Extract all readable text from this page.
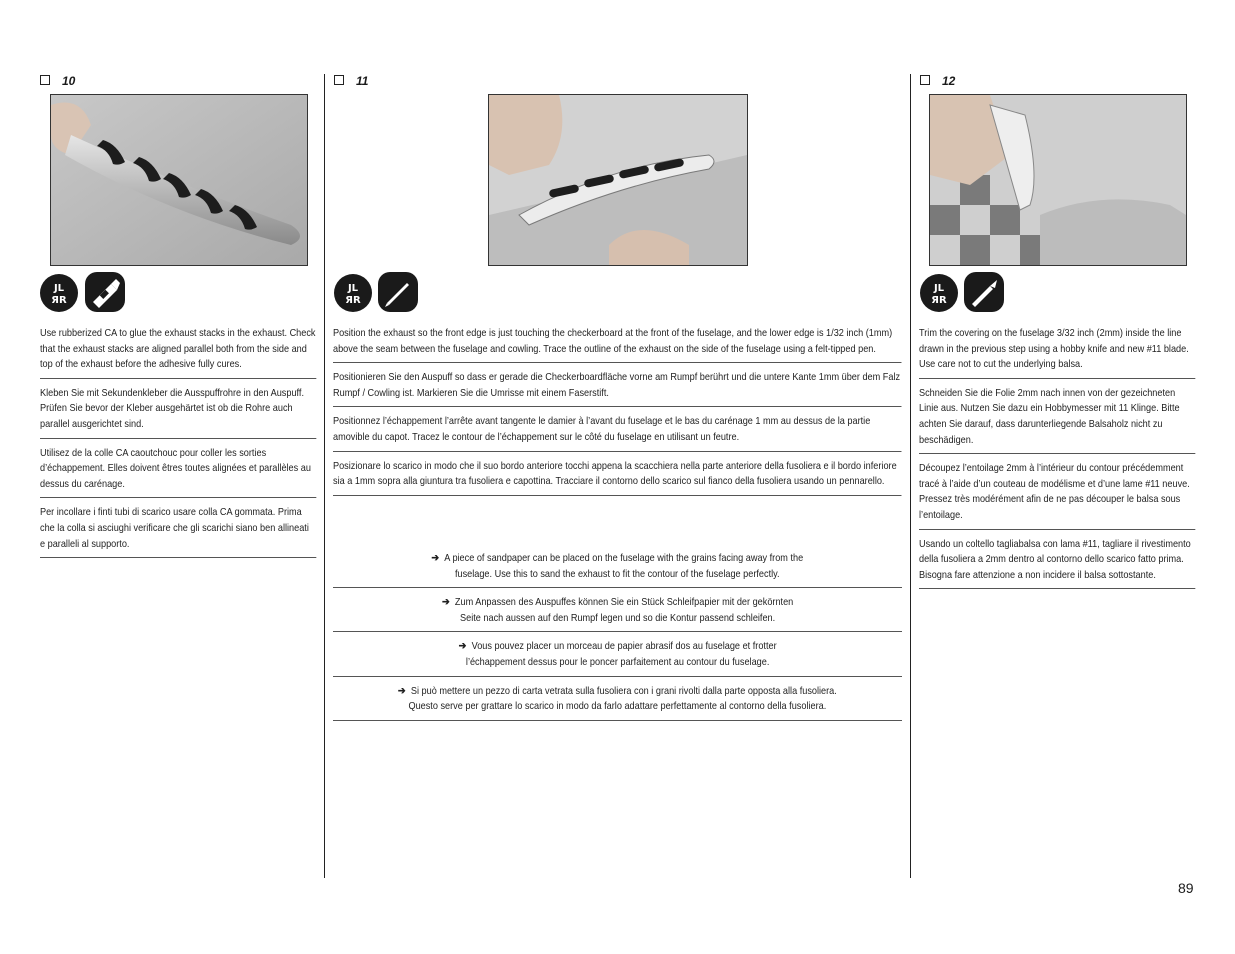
10	11	12
JL
ЯR
JL
ЯR
JL
ЯR
Use rubberized CA to glue the exhaust stacks in the exhaust. Check that the exhaust stacks are aligned parallel both from the side and top of the exhaust before the adhesive fully cures.
Kleben Sie mit Sekundenkleber die Ausspuffrohre in den Auspuff. Prüfen Sie bevor der Kleber ausgehärtet ist ob die Rohre auch parallel ausgerichtet sind.
Utilisez de la colle CA caoutchouc pour coller les sorties d’échappement. Elles doivent êtres toutes alignées et parallèles au dessus du carénage.
Per incollare i finti tubi di scarico usare colla CA gommata. Prima che la colla si asciughi verificare che gli scarichi siano ben allineati e paralleli al supporto.
Position the exhaust so the front edge is just touching the checkerboard at the front of the fuselage, and the lower edge is 1/32 inch (1mm) above the seam between the fuselage and cowling. Trace the outline of the exhaust on the side of the fuselage using a felt-tipped pen.
Positionieren Sie den Auspuff so dass er gerade die Checkerboardfläche vorne am Rumpf berührt und die untere Kante 1mm über dem Falz Rumpf / Cowling ist. Markieren Sie die Umrisse mit einem Faserstift.
Positionnez l’échappement l’arrête avant tangente le damier à l’avant du fuselage et le bas du carénage 1 mm au dessus de la partie amovible du capot. Tracez le contour de l’échappement sur le côté du fuselage en utilisant un feutre.
Posizionare lo scarico in modo che il suo bordo anteriore tocchi appena la scacchiera nella parte anteriore della fusoliera e il bordo inferiore sia a 1mm sopra alla giuntura tra fusoliera e capottina. Tracciare il contorno dello scarico sul fianco della fusoliera usando un pennarello.
➔ A piece of sandpaper can be placed on the fuselage with the grains facing away from the
fuselage. Use this to sand the exhaust to fit the contour of the fuselage perfectly.
➔ Zum Anpassen des Auspuffes können Sie ein Stück Schleifpapier mit der gekörnten
Seite nach aussen auf den Rumpf legen und so die Kontur passend schleifen.
➔ Vous pouvez placer un morceau de papier abrasif dos au fuselage et frotter
l’échappement dessus pour le poncer parfaitement au contour du fuselage.
➔ Si può mettere un pezzo di carta vetrata sulla fusoliera con i grani rivolti dalla parte opposta alla fusoliera.
Questo serve per grattare lo scarico in modo da farlo adattare perfettamente al contorno della fusoliera.
Trim the covering on the fuselage 3/32 inch (2mm) inside the line drawn in the previous step using a hobby knife and new #11 blade. Use care not to cut the underlying balsa.
Schneiden Sie die Folie 2mm nach innen von der gezeichneten Linie aus. Nutzen Sie dazu ein Hobbymesser mit 11 Klinge. Bitte achten Sie darauf, dass darunterliegende Balsaholz nicht zu beschädigen.
Découpez l’entoilage 2mm à l’intérieur du contour précédemment tracé à l’aide d’un couteau de modélisme et d’une lame #11 neuve. Pressez très modérément afin de ne pas découper le balsa sous l’entoilage.
Usando un coltello tagliabalsa con lama #11, tagliare il rivestimento della fusoliera a 2mm dentro al contorno dello scarico fatto prima. Bisogna fare attenzione a non incidere il balsa sottostante.
89
